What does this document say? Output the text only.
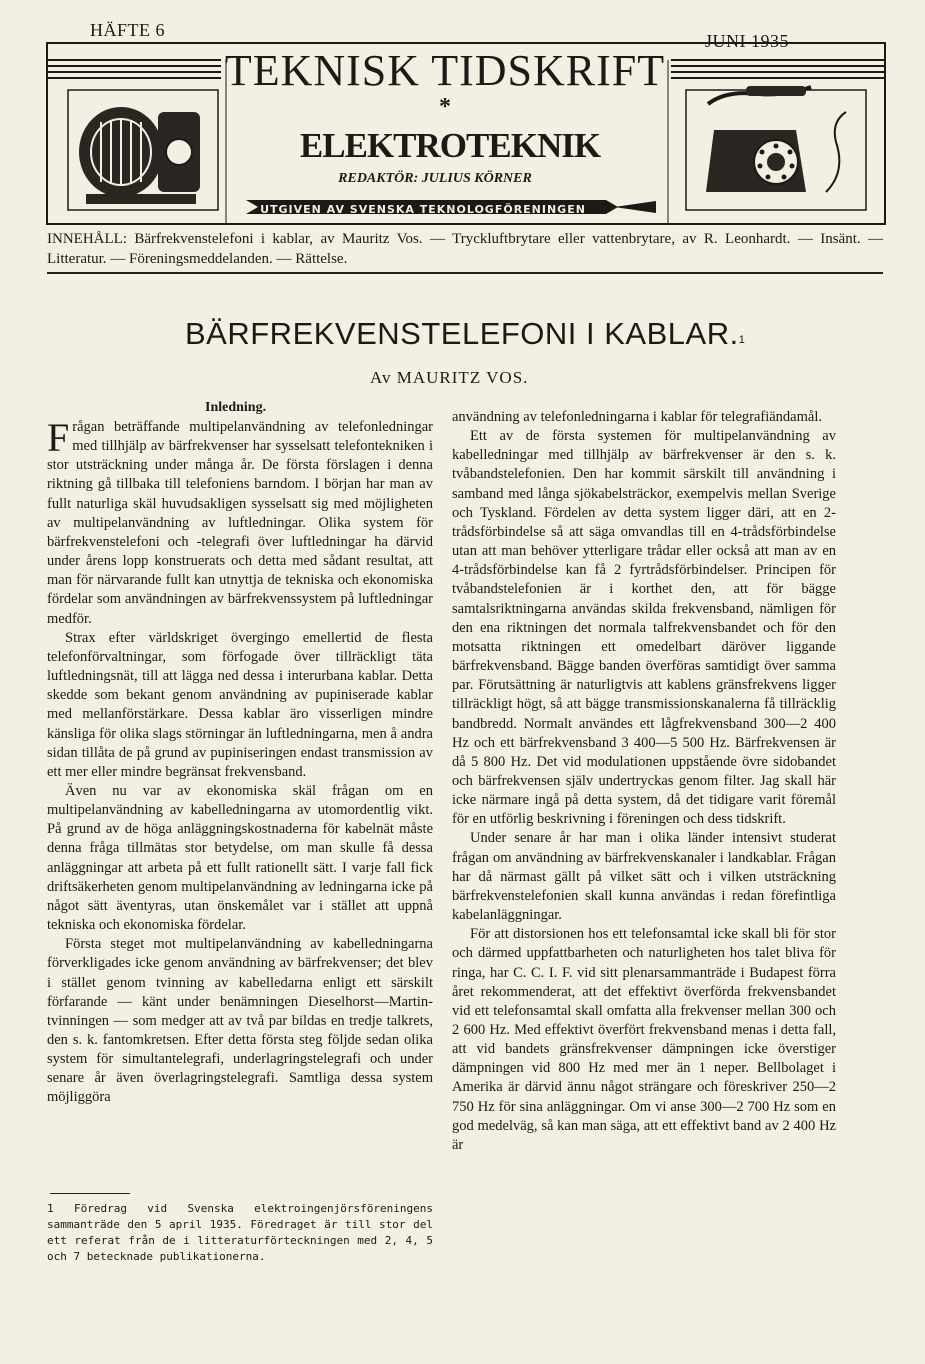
HÄFTE 6
JUNI 1935
TEKNISK TIDSKRIFT
*
ELEKTROTEKNIK
REDAKTÖR: JULIUS KÖRNER
UTGIVEN AV SVENSKA TEKNOLOGFÖRENINGEN
INNEHÅLL: Bärfrekvenstelefoni i kablar, av Mauritz Vos. — Tryckluftbrytare eller vattenbrytare, av R. Leonhardt. — Insänt. — Litteratur. — Föreningsmeddelanden. — Rättelse.
BÄRFREKVENSTELEFONI I KABLAR.$^1$
Av MAURITZ VOS.
Inledning.

Frågan beträffande multipelanvändning av telefonledningar med tillhjälp av bärfrekvenser har sysselsatt telefontekniken i stor utsträckning under många år. De första förslagen i denna riktning gå tillbaka till telefoniens barndom. I början har man av fullt naturliga skäl huvudsakligen sysselsatt sig med möjligheten av multipelanvändning av luftledningar. Olika system för bärfrekvenstelefoni och -telegrafi över luftledningar ha därvid under årens lopp konstruerats och detta med sådant resultat, att man för närvarande fullt kan utnyttja de tekniska och ekonomiska fördelar som användningen av bärfrekvenssystem på luftledningar medför.

Strax efter världskriget övergingo emellertid de flesta telefonförvaltningar, som förfogade över tillräckligt täta luftledningsnät, till att lägga ned dessa i interurbana kablar. Detta skedde som bekant genom användning av pupiniserade kablar med mellanförstärkare. Dessa kablar äro visserligen mindre känsliga för olika slags störningar än luftledningarna, men å andra sidan tillåta de på grund av pupiniseringen endast transmission av ett mer eller mindre begränsat frekvensband.

Även nu var av ekonomiska skäl frågan om en multipelanvändning av kabelledningarna av utomordentlig vikt. På grund av de höga anläggningskostnaderna för kabelnät måste denna fråga tillmätas stor betydelse, om man skulle få dessa anläggningar att arbeta på ett fullt rationellt sätt. I varje fall fick driftsäkerheten genom multipelanvändning av ledningarna icke på något sätt äventyras, utan önskemålet var i stället att uppnå tekniska och ekonomiska fördelar.

Första steget mot multipelanvändning av kabelledningarna förverkligades icke genom användning av bärfrekvenser; det blev i stället genom tvinning av kabelledarna enligt ett särskilt förfarande — känt under benämningen Dieselhorst—Martin-tvinningen — som medger att av två par bildas en tredje talkrets, den s. k. fantomkretsen. Efter detta första steg följde sedan olika system för simultantelegrafi, underlagringstelegrafi och under senare år även överlagringstelegrafi. Samtliga dessa system möjliggöra

användning av telefonledningarna i kablar för telegrafiändamål.

Ett av de första systemen för multipelanvändning av kabelledningar med tillhjälp av bärfrekvenser är den s. k. tvåbandstelefonien. Den har kommit särskilt till användning i samband med långa sjökabelsträckor, exempelvis mellan Sverige och Tyskland. Fördelen av detta system ligger däri, att en 2-trådsförbindelse så att säga omvandlas till en 4-trådsförbindelse utan att man behöver ytterligare trådar eller också att man av en 4-trådsförbindelse kan få 2 fyrtrådsförbindelser. Principen för tvåbandstelefonien är i korthet den, att för bägge samtalsriktningarna användas skilda frekvensband, nämligen för den ena riktningen det normala talfrekvensbandet och för den motsatta riktningen ett omedelbart däröver liggande bärfrekvensband. Bägge banden överföras samtidigt över samma par. Förutsättning är naturligtvis att kablens gränsfrekvens ligger tillräckligt högt, så att bägge transmissionskanalerna få tillräcklig bandbredd. Normalt användes ett lågfrekvensband 300—2 400 Hz och ett bärfrekvensband 3 400—5 500 Hz. Bärfrekvensen är då 5 800 Hz. Det vid modulationen uppstående övre sidobandet och bärfrekvensen själv undertryckas genom filter. Jag skall här icke närmare ingå på detta system, då det tidigare varit föremål för en utförlig beskrivning i föreningen och dess tidskrift.

Under senare år har man i olika länder intensivt studerat frågan om användning av bärfrekvenskanaler i landkablar. Frågan har då närmast gällt på vilket sätt och i vilken utsträckning bärfrekvenstelefonien skall kunna användas i redan förefintliga kabelanläggningar.

För att distorsionen hos ett telefonsamtal icke skall bli för stor och därmed uppfattbarheten och naturligheten hos talet bliva för ringa, har C. C. I. F. vid sitt plenarsammanträde i Budapest förra året rekommenderat, att det effektivt överförda frekvensbandet vid ett telefonsamtal skall omfatta alla frekvenser mellan 300 och 2 600 Hz. Med effektivt överfört frekvensband menas i detta fall, att vid bandets gränsfrekvenser dämpningen icke överstiger dämpningen vid 800 Hz med mer än 1 neper. Bellbolaget i Amerika är därvid ännu något strängare och föreskriver 250—2 750 Hz för sina anläggningar. Om vi anse 300—2 700 Hz som en god medelväg, så kan man säga, att ett effektivt band av 2 400 Hz är

1 Föredrag vid Svenska elektroingenjörsföreningens sammanträde den 5 april 1935. Föredraget är till stor del ett referat från de i litteraturförteckningen med 2, 4, 5 och 7 betecknade publikationerna.
